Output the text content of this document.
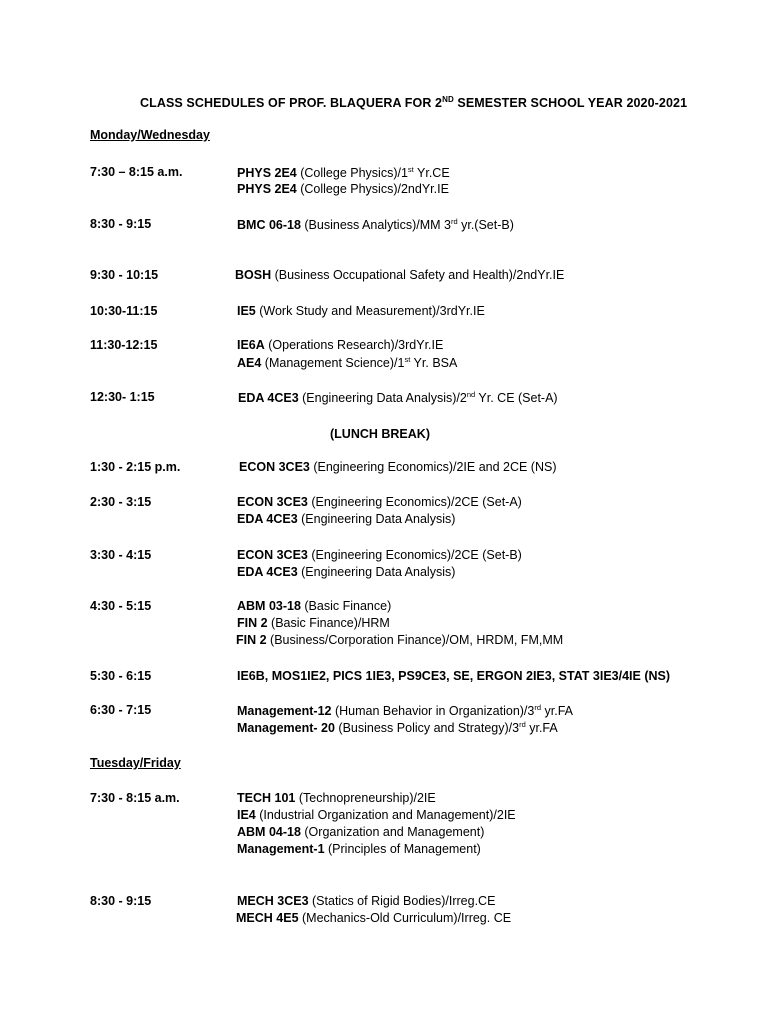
CLASS SCHEDULES OF PROF. BLAQUERA FOR 2ND SEMESTER SCHOOL YEAR 2020-2021
Monday/Wednesday
7:30 – 8:15 a.m.	PHYS 2E4 (College Physics)/1st Yr.CE
PHYS 2E4 (College Physics)/2ndYr.IE
8:30 - 9:15	BMC 06-18 (Business Analytics)/MM 3rd yr.(Set-B)
9:30 - 10:15	BOSH (Business Occupational Safety and Health)/2ndYr.IE
10:30-11:15	IE5 (Work Study and Measurement)/3rdYr.IE
11:30-12:15	IE6A (Operations Research)/3rdYr.IE
AE4 (Management Science)/1st Yr. BSA
12:30- 1:15	EDA 4CE3 (Engineering Data Analysis)/2nd Yr. CE (Set-A)
(LUNCH BREAK)
1:30 - 2:15 p.m.	ECON 3CE3 (Engineering Economics)/2IE and 2CE (NS)
2:30 - 3:15	ECON 3CE3 (Engineering Economics)/2CE (Set-A)
EDA 4CE3 (Engineering Data Analysis)
3:30 - 4:15	ECON 3CE3 (Engineering Economics)/2CE (Set-B)
EDA 4CE3 (Engineering Data Analysis)
4:30 - 5:15	ABM 03-18 (Basic Finance)
FIN 2 (Basic Finance)/HRM
FIN 2 (Business/Corporation Finance)/OM, HRDM, FM,MM
5:30 - 6:15	IE6B, MOS1IE2, PICS 1IE3, PS9CE3, SE, ERGON 2IE3, STAT 3IE3/4IE (NS)
6:30 - 7:15	Management-12 (Human Behavior in Organization)/3rd yr.FA
Management- 20 (Business Policy and Strategy)/3rd yr.FA
Tuesday/Friday
7:30 - 8:15 a.m.	TECH 101 (Technopreneurship)/2IE
IE4 (Industrial Organization and Management)/2IE
ABM 04-18 (Organization and Management)
Management-1 (Principles of Management)
8:30 - 9:15	MECH 3CE3 (Statics of Rigid Bodies)/Irreg.CE
MECH 4E5 (Mechanics-Old Curriculum)/Irreg. CE
